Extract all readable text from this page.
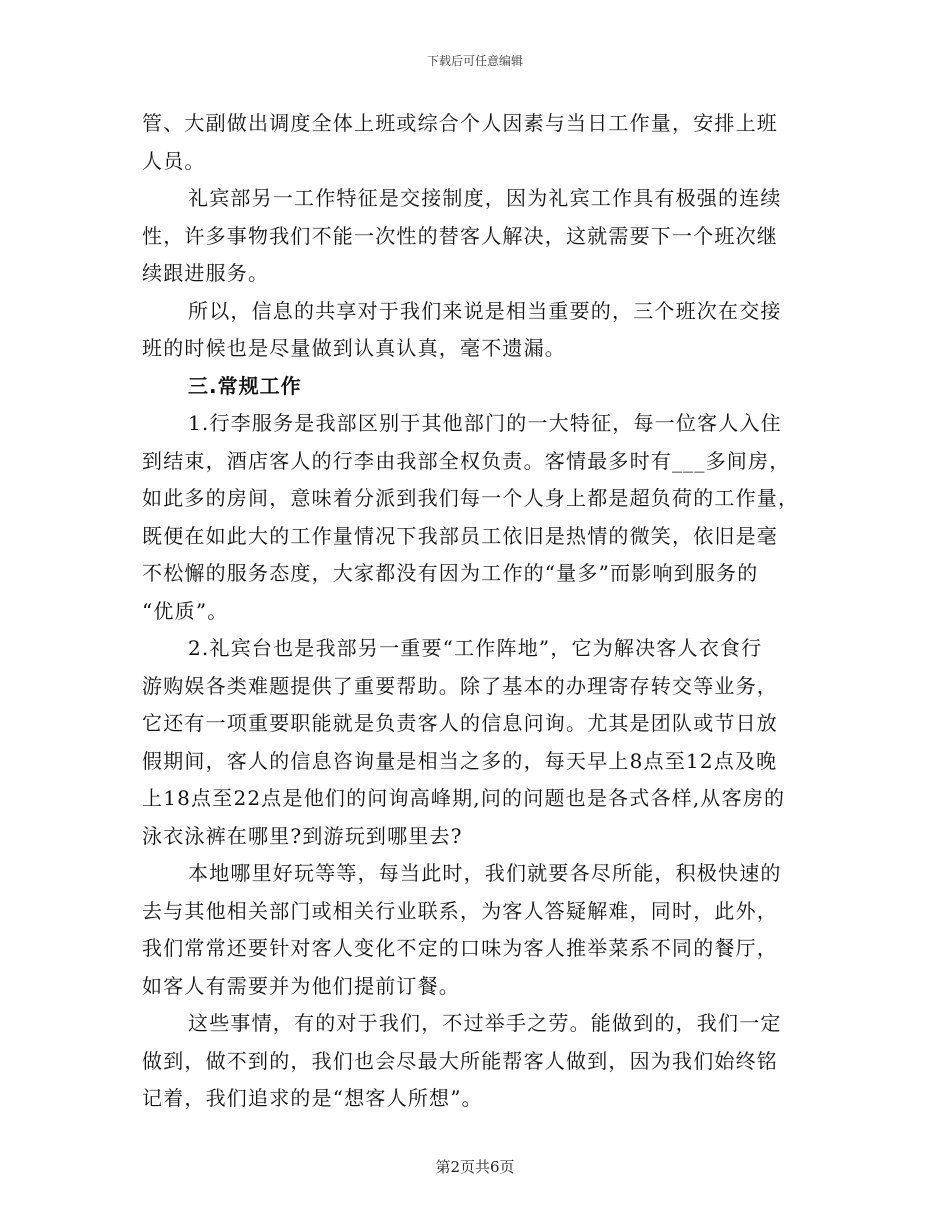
下载后可任意编辑
管、大副做出调度全体上班或综合个人因素与当日工作量，安排上班
人员。
礼宾部另一工作特征是交接制度，因为礼宾工作具有极强的连续
性，许多事物我们不能一次性的替客人解决，这就需要下一个班次继
续跟进服务。
所以，信息的共享对于我们来说是相当重要的，三个班次在交接
班的时候也是尽量做到认真认真，毫不遗漏。
三.常规工作
1.行李服务是我部区别于其他部门的一大特征，每一位客人入住
到结束，酒店客人的行李由我部全权负责。客情最多时有___多间房，
如此多的房间，意味着分派到我们每一个人身上都是超负荷的工作量，
既便在如此大的工作量情况下我部员工依旧是热情的微笑，依旧是毫
不松懈的服务态度，大家都没有因为工作的“量多”而影响到服务的
“优质”。
2.礼宾台也是我部另一重要“工作阵地”，它为解决客人衣食行
游购娱各类难题提供了重要帮助。除了基本的办理寄存转交等业务，
它还有一项重要职能就是负责客人的信息问询。尤其是团队或节日放
假期间，客人的信息咨询量是相当之多的，每天早上8点至12点及晚
上18点至22点是他们的问询高峰期,问的问题也是各式各样,从客房的
泳衣泳裤在哪里?到游玩到哪里去?
本地哪里好玩等等，每当此时，我们就要各尽所能，积极快速的
去与其他相关部门或相关行业联系，为客人答疑解难，同时，此外，
我们常常还要针对客人变化不定的口味为客人推举菜系不同的餐厅，
如客人有需要并为他们提前订餐。
这些事情，有的对于我们，不过举手之劳。能做到的，我们一定
做到，做不到的，我们也会尽最大所能帮客人做到，因为我们始终铭
记着，我们追求的是“想客人所想”。
第2页共6页
